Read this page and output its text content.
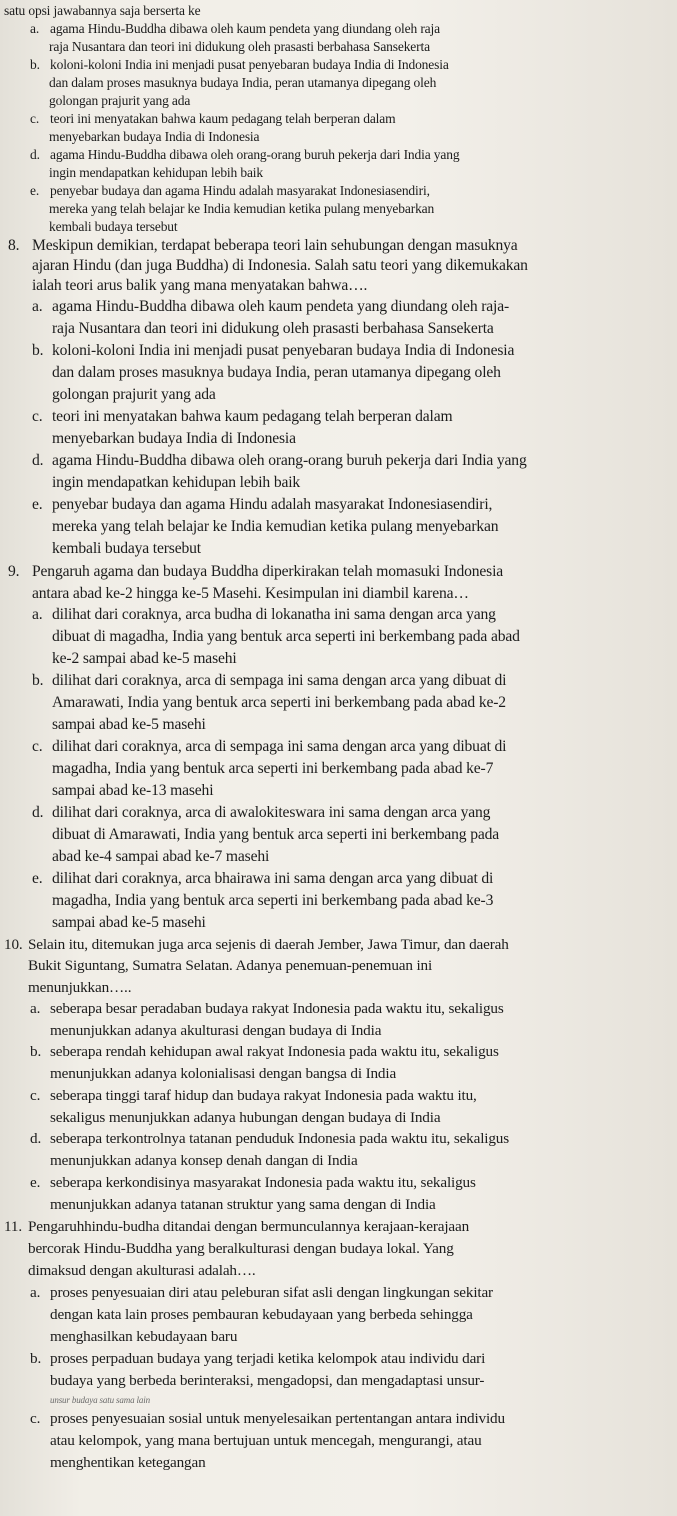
satu opsi jawabannya saja berserta ke
a. agama Hindu-Buddha dibawa oleh kaum pendeta yang diundang oleh raja
raja Nusantara dan teori ini didukung oleh prasasti berbahasa Sansekerta
b. koloni-koloni India ini menjadi pusat penyebaran budaya India di Indonesia
dan dalam proses masuknya budaya India, peran utamanya dipegang oleh
golongan prajurit yang ada
c. teori ini menyatakan bahwa kaum pedagang telah berperan dalam
menyebarkan budaya India di Indonesia
d. agama Hindu-Buddha dibawa oleh orang-orang buruh pekerja dari India yang
ingin mendapatkan kehidupan lebih baik
e. penyebar budaya dan agama Hindu adalah masyarakat Indonesiasendiri,
mereka yang telah belajar ke India kemudian ketika pulang menyebarkan
kembali budaya tersebut
8. Meskipun demikian, terdapat beberapa teori lain sehubungan dengan masuknya
ajaran Hindu (dan juga Buddha) di Indonesia. Salah satu teori yang dikemukakan
ialah teori arus balik yang mana menyatakan bahwa….
a. agama Hindu-Buddha dibawa oleh kaum pendeta yang diundang oleh raja-
raja Nusantara dan teori ini didukung oleh prasasti berbahasa Sansekerta
b. koloni-koloni India ini menjadi pusat penyebaran budaya India di Indonesia
dan dalam proses masuknya budaya India, peran utamanya dipegang oleh
golongan prajurit yang ada
c. teori ini menyatakan bahwa kaum pedagang telah berperan dalam
menyebarkan budaya India di Indonesia
d. agama Hindu-Buddha dibawa oleh orang-orang buruh pekerja dari India yang
ingin mendapatkan kehidupan lebih baik
e. penyebar budaya dan agama Hindu adalah masyarakat Indonesiasendiri,
mereka yang telah belajar ke India kemudian ketika pulang menyebarkan
kembali budaya tersebut
9. Pengaruh agama dan budaya Buddha diperkirakan telah momasuki Indonesia
antara abad ke-2 hingga ke-5 Masehi. Kesimpulan ini diambil karena…
a. dilihat dari coraknya, arca budha di lokanatha ini sama dengan arca yang
dibuat di magadha, India yang bentuk arca seperti ini berkembang pada abad
ke-2 sampai abad ke-5 masehi
b. dilihat dari coraknya, arca di sempaga ini sama dengan arca yang dibuat di
Amarawati, India yang bentuk arca seperti ini berkembang pada abad ke-2
sampai abad ke-5 masehi
c. dilihat dari coraknya, arca di sempaga ini sama dengan arca yang dibuat di
magadha, India yang bentuk arca seperti ini berkembang pada abad ke-7
sampai abad ke-13 masehi
d. dilihat dari coraknya, arca di awalokiteswara ini sama dengan arca yang
dibuat di Amarawati, India yang bentuk arca seperti ini berkembang pada
abad ke-4 sampai abad ke-7 masehi
e. dilihat dari coraknya, arca bhairawa ini sama dengan arca yang dibuat di
magadha, India yang bentuk arca seperti ini berkembang pada abad ke-3
sampai abad ke-5 masehi
10. Selain itu, ditemukan juga arca sejenis di daerah Jember, Jawa Timur, dan daerah
Bukit Siguntang, Sumatra Selatan. Adanya penemuan-penemuan ini
menunjukkan…..
a. seberapa besar peradaban budaya rakyat Indonesia pada waktu itu, sekaligus
menunjukkan adanya akulturasi dengan budaya di India
b. seberapa rendah kehidupan awal rakyat Indonesia pada waktu itu, sekaligus
menunjukkan adanya kolonialisasi dengan bangsa di India
c. seberapa tinggi taraf hidup dan budaya rakyat Indonesia pada waktu itu,
sekaligus menunjukkan adanya hubungan dengan budaya di India
d. seberapa terkontrolnya tatanan penduduk Indonesia pada waktu itu, sekaligus
menunjukkan adanya konsep denah dangan di India
e. seberapa kerkondisinya masyarakat Indonesia pada waktu itu, sekaligus
menunjukkan adanya tatanan struktur yang sama dengan di India
11. Pengaruhhindu-budha ditandai dengan bermunculannya kerajaan-kerajaan
bercorak Hindu-Buddha yang beralkulturasi dengan budaya lokal. Yang
dimaksud dengan akulturasi adalah….
a. proses penyesuaian diri atau peleburan sifat asli dengan lingkungan sekitar
dengan kata lain proses pembauran kebudayaan yang berbeda sehingga
menghasilkan kebudayaan baru
b. proses perpaduan budaya yang terjadi ketika kelompok atau individu dari
budaya yang berbeda berinteraksi, mengadopsi, dan mengadaptasi unsur-
unsur budaya satu sama lain
c. proses penyesuaian sosial untuk menyelesaikan pertentangan antara individu
atau kelompok, yang mana bertujuan untuk mencegah, mengurangi, atau
menghentikan ketegangan
